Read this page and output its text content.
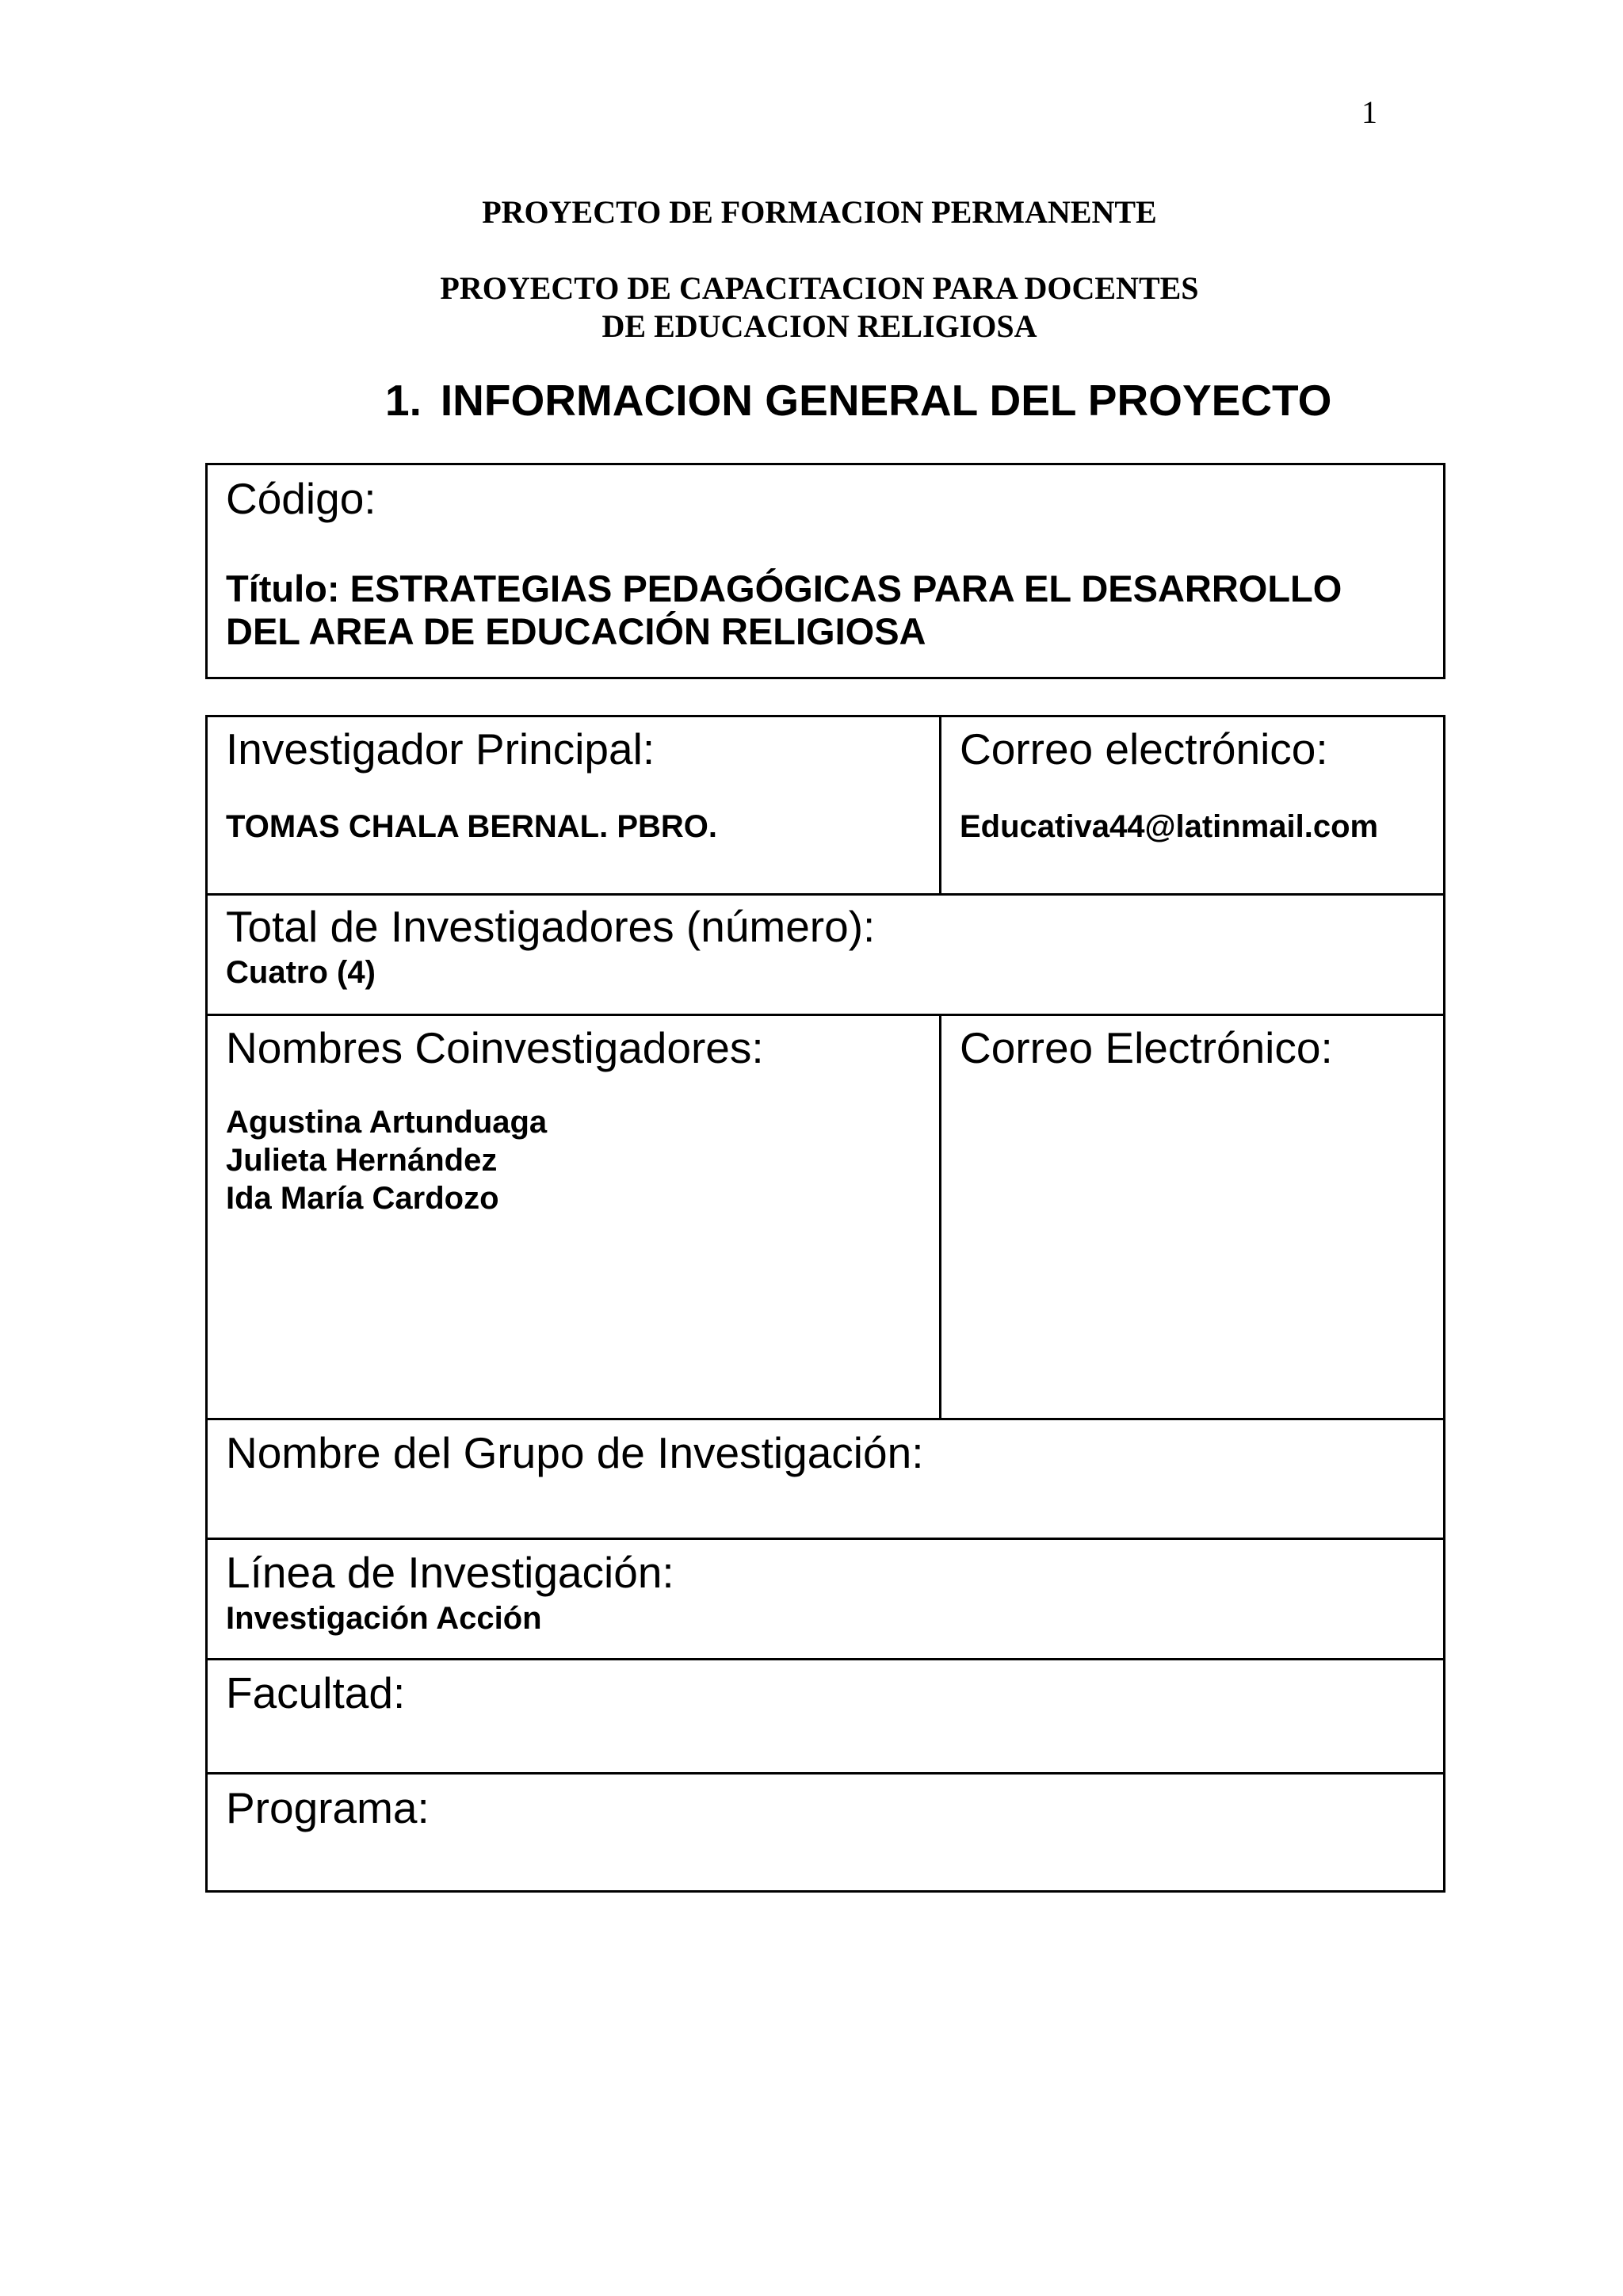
1
PROYECTO DE FORMACION PERMANENTE
PROYECTO DE CAPACITACION PARA DOCENTES
DE EDUCACION RELIGIOSA
1. INFORMACION GENERAL DEL PROYECTO
Código:
Título: ESTRATEGIAS PEDAGÓGICAS PARA EL DESARROLLO
DEL AREA DE EDUCACIÓN RELIGIOSA
Investigador Principal:
TOMAS CHALA BERNAL. PBRO.
Correo electrónico:
Educativa44@latinmail.com
Total de Investigadores (número):
Cuatro (4)
Nombres Coinvestigadores:
Agustina Artunduaga
Julieta Hernández
Ida María Cardozo
Correo Electrónico:
Nombre del Grupo de Investigación:
Línea de Investigación:
Investigación Acción
Facultad:
Programa:
